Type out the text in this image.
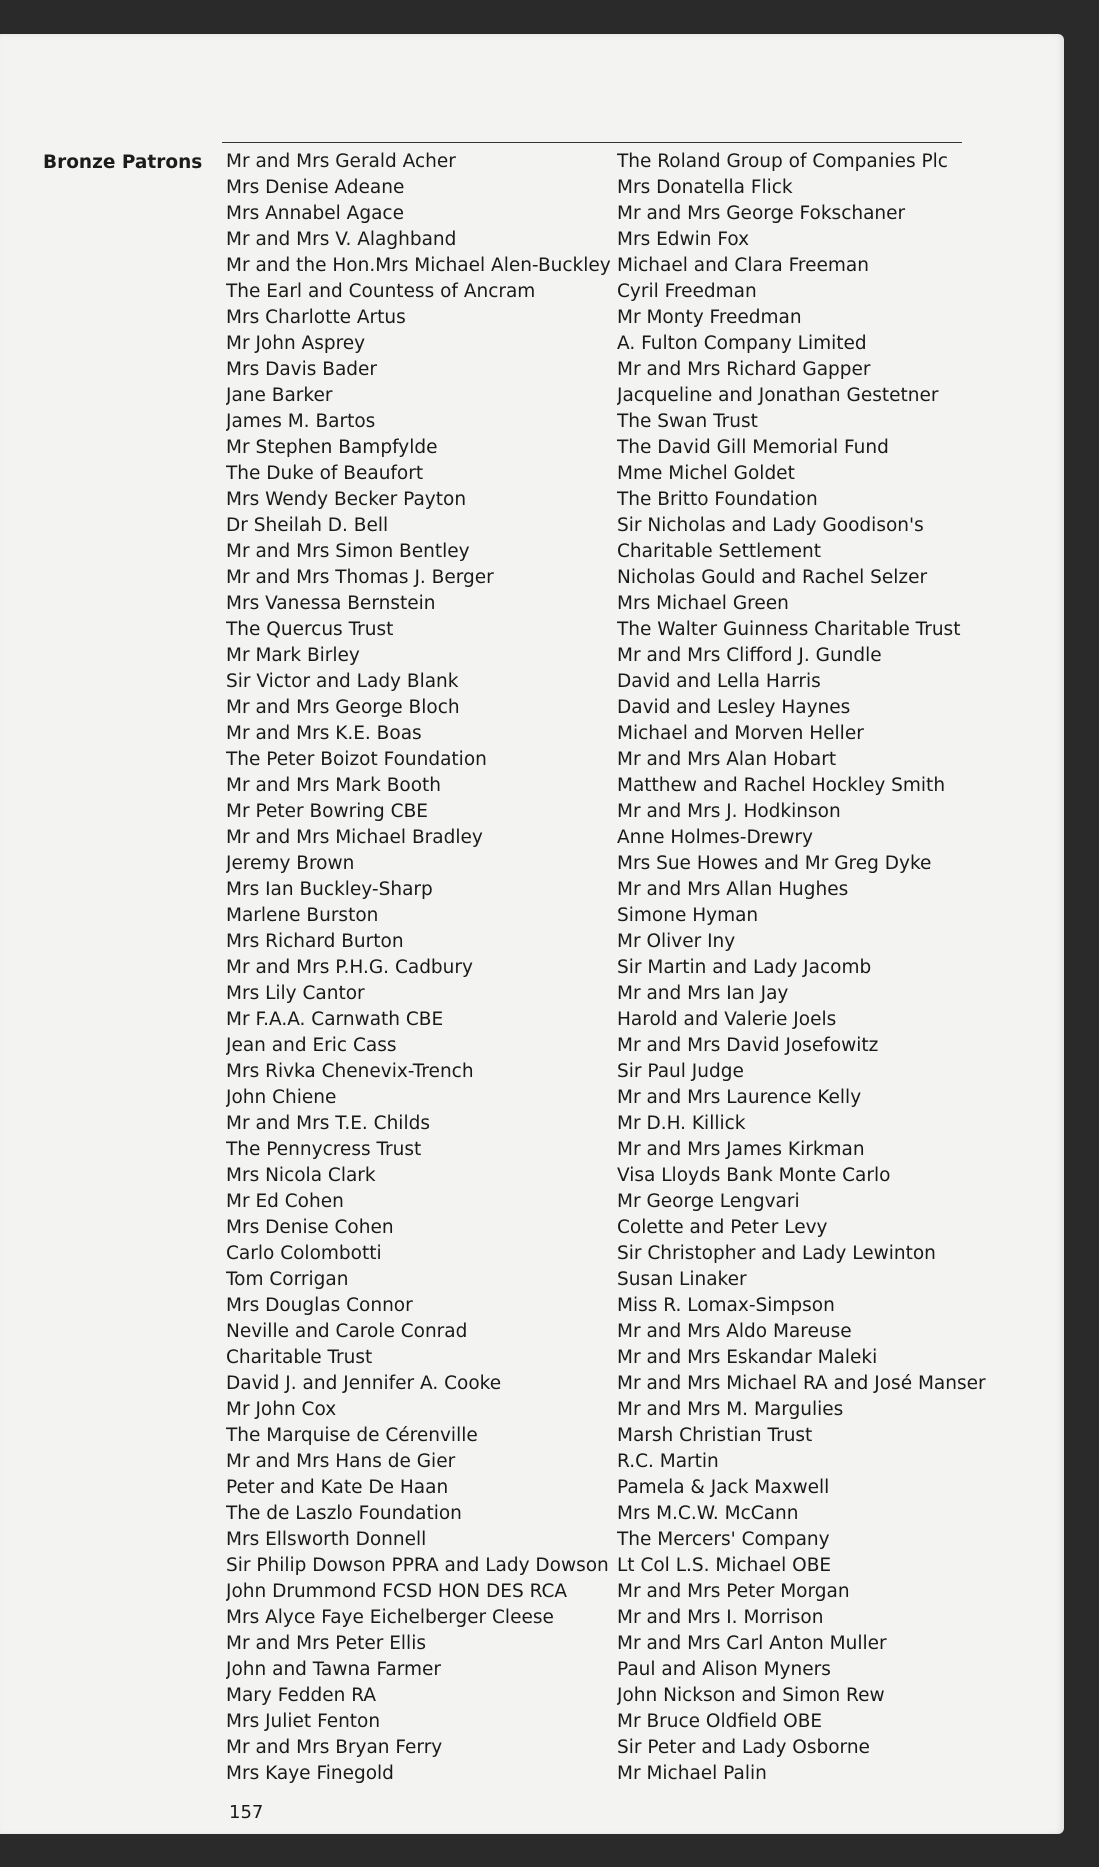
Bronze Patrons Mr and Mrs Gerald Acher
Mrs Denise Adeane
Mrs Annabel Agace
Mr and Mrs V. Alaghband
Mr and the Hon.Mrs Michael Alen-Buckley
The Earl and Countess of Ancram
Mrs Charlotte Artus
Mr John Asprey
Mrs Davis Bader
Jane Barker
James M. Bartos
Mr Stephen Bampfylde
The Duke of Beaufort
Mrs Wendy Becker Payton
Dr Sheilah D. Bell
Mr and Mrs Simon Bentley
Mr and Mrs Thomas J. Berger
Mrs Vanessa Bernstein
The Quercus Trust
Mr Mark Birley
Sir Victor and Lady Blank
Mr and Mrs George Bloch
Mr and Mrs K.E. Boas
The Peter Boizot Foundation
Mr and Mrs Mark Booth
Mr Peter Bowring CBE
Mr and Mrs Michael Bradley
Jeremy Brown
Mrs Ian Buckley-Sharp
Marlene Burston
Mrs Richard Burton
Mr and Mrs P.H.G. Cadbury
Mrs Lily Cantor
Mr F.A.A. Carnwath CBE
Jean and Eric Cass
Mrs Rivka Chenevix-Trench
John Chiene
Mr and Mrs T.E. Childs
The Pennycress Trust
Mrs Nicola Clark
Mr Ed Cohen
Mrs Denise Cohen
Carlo Colombotti
Tom Corrigan
Mrs Douglas Connor
Neville and Carole Conrad
Charitable Trust
David J. and Jennifer A. Cooke
Mr John Cox
The Marquise de Cérenville
Mr and Mrs Hans de Gier
Peter and Kate De Haan
The de Laszlo Foundation
Mrs Ellsworth Donnell
Sir Philip Dowson PPRA and Lady Dowson
John Drummond FCSD HON DES RCA
Mrs Alyce Faye Eichelberger Cleese
Mr and Mrs Peter Ellis
John and Tawna Farmer
Mary Fedden RA
Mrs Juliet Fenton
Mr and Mrs Bryan Ferry
Mrs Kaye Finegold
The Roland Group of Companies Plc
Mrs Donatella Flick
Mr and Mrs George Fokschaner
Mrs Edwin Fox
Michael and Clara Freeman
Cyril Freedman
Mr Monty Freedman
A. Fulton Company Limited
Mr and Mrs Richard Gapper
Jacqueline and Jonathan Gestetner
The Swan Trust
The David Gill Memorial Fund
Mme Michel Goldet
The Britto Foundation
Sir Nicholas and Lady Goodison's
Charitable Settlement
Nicholas Gould and Rachel Selzer
Mrs Michael Green
The Walter Guinness Charitable Trust
Mr and Mrs Clifford J. Gundle
David and Lella Harris
David and Lesley Haynes
Michael and Morven Heller
Mr and Mrs Alan Hobart
Matthew and Rachel Hockley Smith
Mr and Mrs J. Hodkinson
Anne Holmes-Drewry
Mrs Sue Howes and Mr Greg Dyke
Mr and Mrs Allan Hughes
Simone Hyman
Mr Oliver Iny
Sir Martin and Lady Jacomb
Mr and Mrs Ian Jay
Harold and Valerie Joels
Mr and Mrs David Josefowitz
Sir Paul Judge
Mr and Mrs Laurence Kelly
Mr D.H. Killick
Mr and Mrs James Kirkman
Visa Lloyds Bank Monte Carlo
Mr George Lengvari
Colette and Peter Levy
Sir Christopher and Lady Lewinton
Susan Linaker
Miss R. Lomax-Simpson
Mr and Mrs Aldo Mareuse
Mr and Mrs Eskandar Maleki
Mr and Mrs Michael RA and José Manser
Mr and Mrs M. Margulies
Marsh Christian Trust
R.C. Martin
Pamela & Jack Maxwell
Mrs M.C.W. McCann
The Mercers' Company
Lt Col L.S. Michael OBE
Mr and Mrs Peter Morgan
Mr and Mrs I. Morrison
Mr and Mrs Carl Anton Muller
Paul and Alison Myners
John Nickson and Simon Rew
Mr Bruce Oldfield OBE
Sir Peter and Lady Osborne
Mr Michael Palin
157
